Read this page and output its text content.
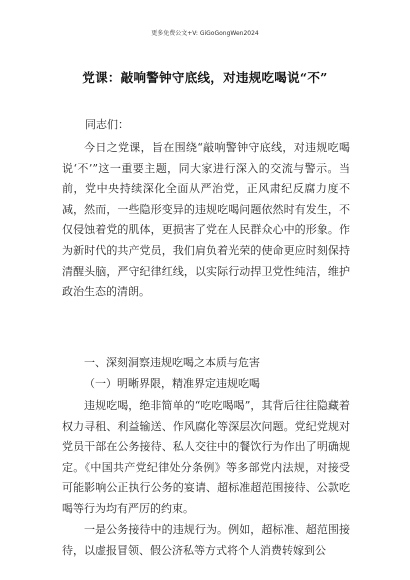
更多免费公文+V: GiGoGongWen2024
党课：敲响警钟守底线，对违规吃喝说“不”
同志们：

今日之党课，旨在围绕“敲响警钟守底线，对违规吃喝说‘不’”这一重要主题，同大家进行深入的交流与警示。当前，党中央持续深化全面从严治党，正风肃纪反腐力度不减，然而，一些隐形变异的违规吃喝问题依然时有发生，不仅侵蚀着党的肌体，更损害了党在人民群众心中的形象。作为新时代的共产党员，我们肩负着光荣的使命更应时刻保持清醒头脑，严守纪律红线，以实际行动捍卫党性纯洁，维护政治生态的清朗。

一、深刻洞察违规吃喝之本质与危害
（一）明晰界限，精准界定违规吃喝

违规吃喝，绝非简单的“吃吃喝喝”，其背后往往隐藏着权力寻租、利益输送、作风腐化等深层次问题。党纪党规对党员干部在公务接待、私人交往中的餐饮行为作出了明确规定。《中国共产党纪律处分条例》等多部党内法规，对接受可能影响公正执行公务的宴请、超标准超范围接待、公款吃喝等行为均有严厉的约束。

一是公务接待中的违规行为。例如，超标准、超范围接待，以虚报冒领、假公济私等方式将个人消费转嫁到公
